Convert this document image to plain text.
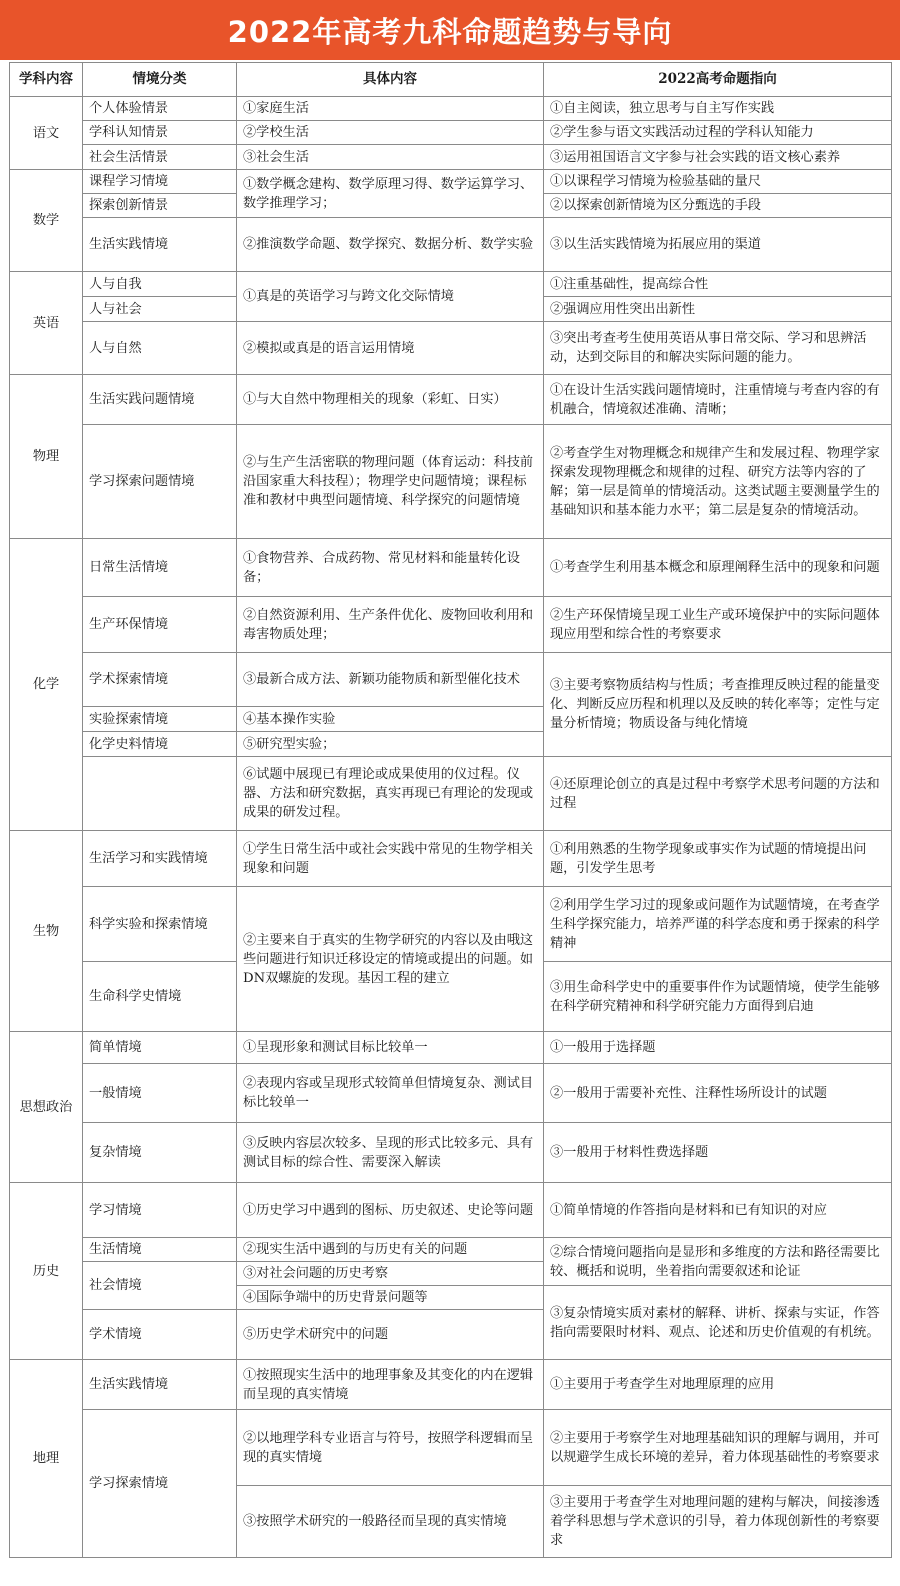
2022年高考九科命题趋势与导向
学科内容	情境分类	具体内容	2022高考命题指向
语文	个人体验情景	①家庭生活	①自主阅读，独立思考与自主写作实践
	学科认知情景	②学校生活	②学生参与语文实践活动过程的学科认知能力
	社会生活情景	③社会生活	③运用祖国语言文字参与社会实践的语文核心素养
数学	课程学习情境	①数学概念建构、数学原理习得、数学运算学习、数学推理学习；	①以课程学习情境为检验基础的量尺
	探索创新情景		②以探索创新情境为区分甄选的手段
	生活实践情境	②推演数学命题、数学探究、数据分析、数学实验	③以生活实践情境为拓展应用的渠道
英语	人与自我	①真是的英语学习与跨文化交际情境	①注重基础性，提高综合性
	人与社会		②强调应用性突出出新性
	人与自然	②模拟或真是的语言运用情境	③突出考查考生使用英语从事日常交际、学习和思辨活动，达到交际目的和解决实际问题的能力。
物理	生活实践问题情境	①与大自然中物理相关的现象（彩虹、日实）	①在设计生活实践问题情境时，注重情境与考查内容的有机融合，情境叙述准确、清晰；
	学习探索问题情境	②与生产生活密联的物理问题（体育运动：科技前沿国家重大科技程）；物理学史问题情境；课程标准和教材中典型问题情境、科学探究的问题情境	②考查学生对物理概念和规律产生和发展过程、物理学家探索发现物理概念和规律的过程、研究方法等内容的了解；第一层是简单的情境活动。这类试题主要测量学生的基础知识和基本能力水平；第二层是复杂的情境活动。
化学	日常生活情境	①食物营养、合成药物、常见材料和能量转化设备；	①考查学生利用基本概念和原理阐释生活中的现象和问题
	生产环保情境	②自然资源利用、生产条件优化、废物回收利用和毒害物质处理；	②生产环保情境呈现工业生产或环境保护中的实际问题体现应用型和综合性的考察要求
	学术探索情境	③最新合成方法、新颖功能物质和新型催化技术	③主要考察物质结构与性质；考查推理反映过程的能量变化、判断反应历程和机理以及反映的转化率等；定性与定量分析情境；物质设备与纯化情境
	实验探索情境	④基本操作实验	
	化学史料情境	⑤研究型实验；	
		⑥试题中展现已有理论或成果使用的仪过程。仪器、方法和研究数据，真实再现已有理论的发现或成果的研发过程。	④还原理论创立的真是过程中考察学术思考问题的方法和过程
生物	生活学习和实践情境	①学生日常生活中或社会实践中常见的生物学相关现象和问题	①利用熟悉的生物学现象或事实作为试题的情境提出问题，引发学生思考
	科学实验和探索情境	②主要来自于真实的生物学研究的内容以及由哦这些问题进行知识迁移设定的情境或提出的问题。如DN双螺旋的发现。基因工程的建立	②利用学生学习过的现象或问题作为试题情境，在考查学生科学探究能力，培养严谨的科学态度和勇于探索的科学精神
	生命科学史情境		③用生命科学史中的重要事件作为试题情境，使学生能够在科学研究精神和科学研究能力方面得到启迪
思想政治	简单情境	①呈现形象和测试目标比较单一	①一般用于选择题
	一般情境	②表现内容或呈现形式较简单但情境复杂、测试目标比较单一	②一般用于需要补充性、注释性场所设计的试题
	复杂情境	③反映内容层次较多、呈现的形式比较多元、具有测试目标的综合性、需要深入解读	③一般用于材料性费选择题
历史	学习情境	①历史学习中遇到的图标、历史叙述、史论等问题	①简单情境的作答指向是材料和已有知识的对应
	生活情境	②现实生活中遇到的与历史有关的问题	②综合情境问题指向是显形和多维度的方法和路径需要比较、概括和说明，坐着指向需要叙述和论证
	社会情境	③对社会问题的历史考察	
		④国际争端中的历史背景问题等	③复杂情境实质对素材的解释、讲析、探索与实证，作答指向需要限时材料、观点、论述和历史价值观的有机统。
	学术情境	⑤历史学术研究中的问题	
地理	生活实践情境	①按照现实生活中的地理事象及其变化的内在逻辑而呈现的真实情境	①主要用于考查学生对地理原理的应用
	学习探索情境	②以地理学科专业语言与符号，按照学科逻辑而呈现的真实情境	②主要用于考察学生对地理基础知识的理解与调用，并可以规避学生成长环境的差异，着力体现基础性的考察要求
		③按照学术研究的一般路径而呈现的真实情境	③主要用于考查学生对地理问题的建构与解决，间接渗透着学科思想与学术意识的引导，着力体现创新性的考察要求
